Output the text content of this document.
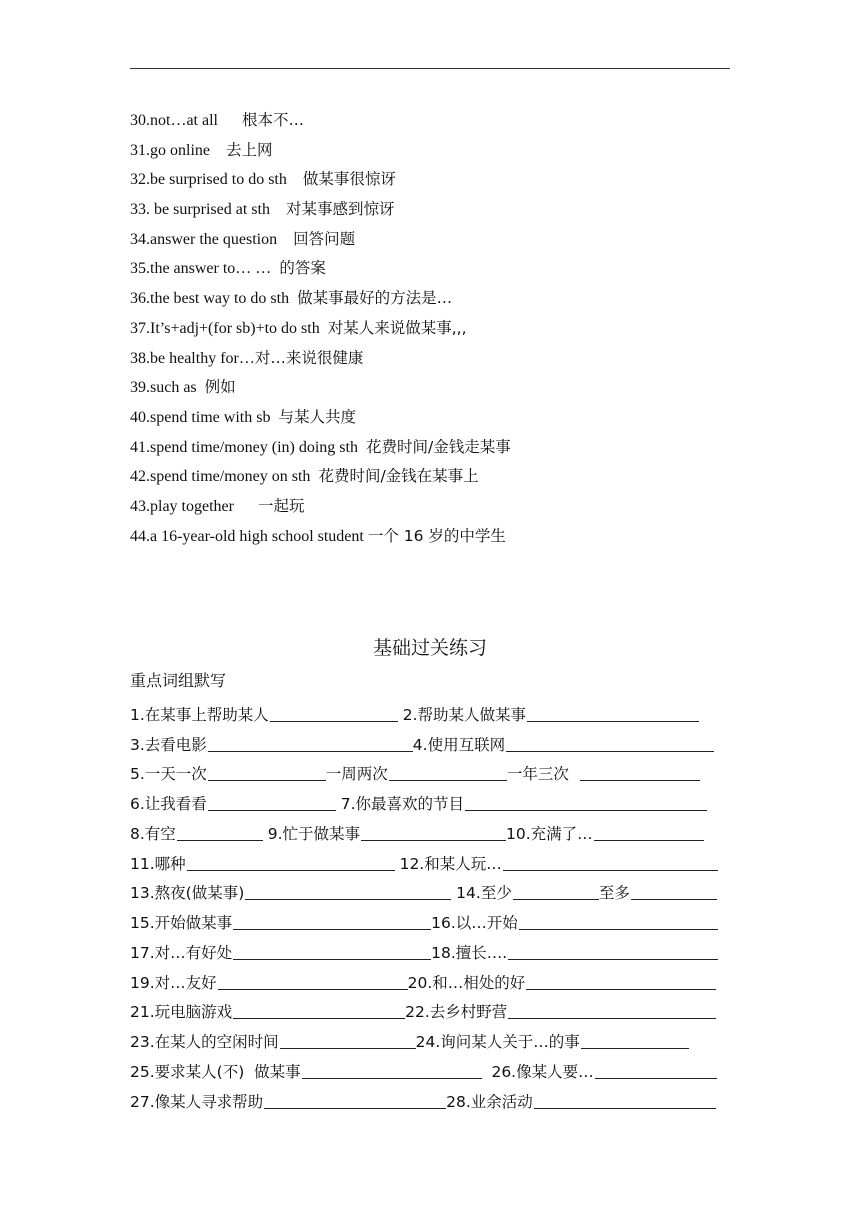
30.not…at all      根本不…
31.go online    去上网
32.be surprised to do sth    做某事很惊讶
33. be surprised at sth    对某事感到惊讶
34.answer the question    回答问题
35.the answer to… …  的答案
36.the best way to do sth  做某事最好的方法是…
37.It’s+adj+(for sb)+to do sth  对某人来说做某事,,,
38.be healthy for…对…来说很健康
39.such as  例如
40.spend time with sb  与某人共度
41.spend time/money (in) doing sth  花费时间/金钱走某事
42.spend time/money on sth  花费时间/金钱在某事上
43.play together      一起玩
44.a 16-year-old high school student 一个 16 岁的中学生
基础过关练习
重点词组默写
1.在某事上帮助某人	2.帮助某人做某事
3.去看电影	4.使用互联网
5.一天一次	一周两次	一年三次
6.让我看看	7.你最喜欢的节目
8.有空	9.忙于做某事	10.充满了…
11.哪种	12.和某人玩…
13.熬夜(做某事)	14.至少	至多
15.开始做某事	16.以…开始
17.对…有好处	18.擅长….
19.对…友好	20.和…相处的好
21.玩电脑游戏	22.去乡村野营
23.在某人的空闲时间	24.询问某人关于…的事
25.要求某人(不)  做某事	26.像某人要…
27.像某人寻求帮助	28.业余活动
